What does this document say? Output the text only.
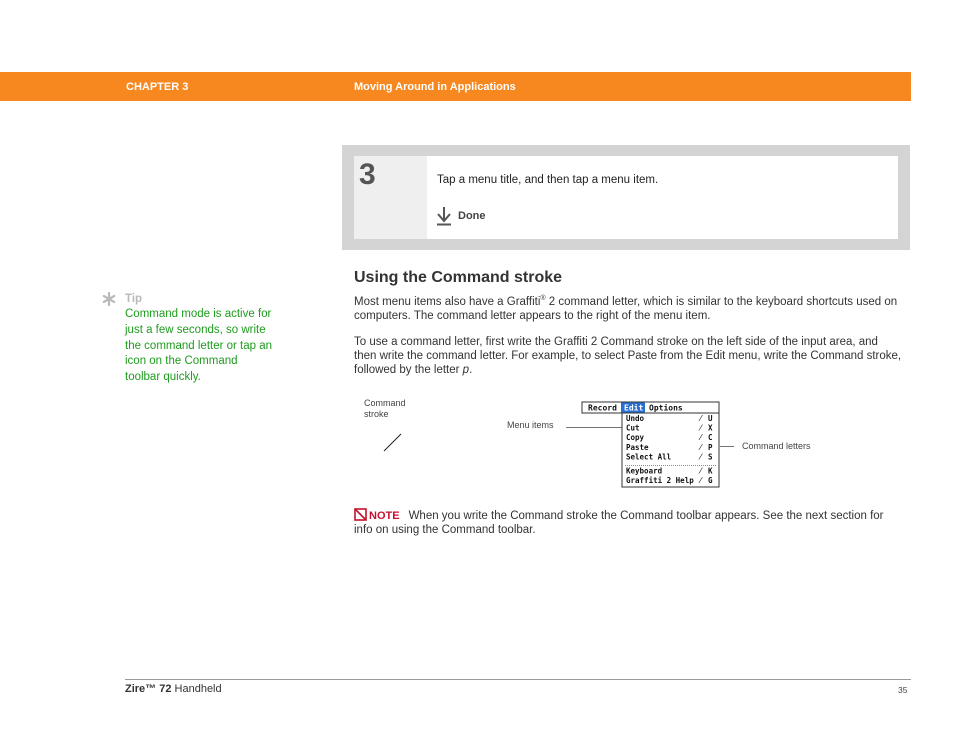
CHAPTER 3	Moving Around in Applications
3	Tap a menu title, and then tap a menu item.
Done
Tip
Command mode is active for just a few seconds, so write the command letter or tap an icon on the Command toolbar quickly.
Using the Command stroke
Most menu items also have a Graffiti® 2 command letter, which is similar to the keyboard shortcuts used on computers. The command letter appears to the right of the menu item.
To use a command letter, first write the Graffiti 2 Command stroke on the left side of the input area, and then write the command letter. For example, to select Paste from the Edit menu, write the Command stroke, followed by the letter p.
Command
stroke
Menu items
Command letters
Record Edit Options
Undo	⁄ U
Cut	⁄ X
Copy	⁄ C
Paste	⁄ P
Select All	⁄ S
Keyboard	⁄ K
Graffiti 2 Help ⁄ G
NOTE When you write the Command stroke the Command toolbar appears. See the next section for info on using the Command toolbar.
Zire™ 72 Handheld	35
